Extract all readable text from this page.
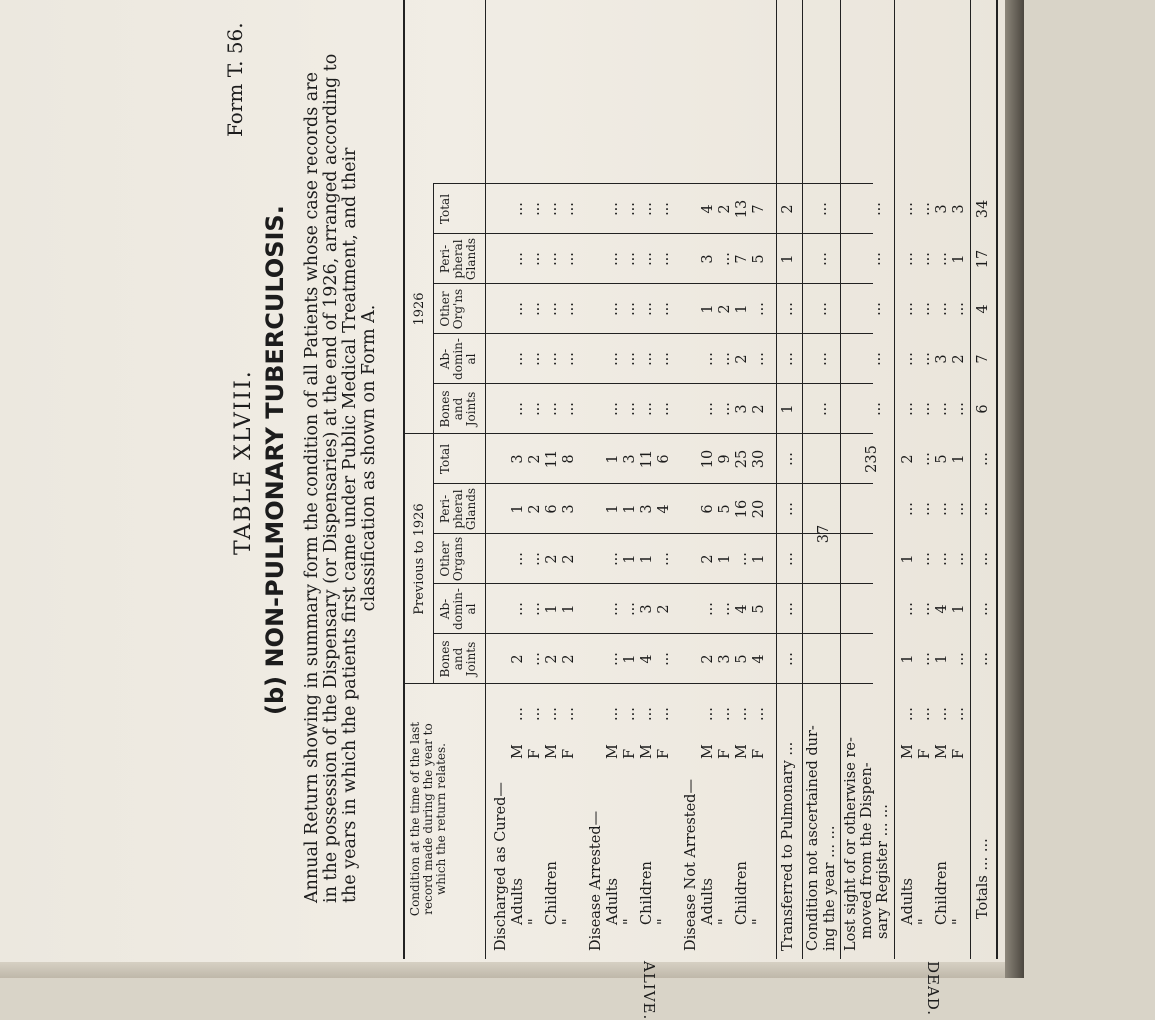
Form T. 56.
TABLE XLVIII. (b) NON-PULMONARY TUBERCULOSIS. Annual Return showing in summary form the condition of all Patients whose case records are in the possession of the Dispensary (or Dispensaries) at the end of 1926, arranged according to the years in which the patients first came under Public Medical Treatment, and their classification as shown on Form A.
Condition at the time of the last record made during the year to which the return relates.
Previous to 1926
1926
Bones and Joints
Bones and Joints
Ab-domin-al
Ab-domin-al
Other Organs
Other Org'ns
Peri-pheral Glands
Peri-pheral Glands
Total
Total
Discharged as Cured— Adults
M
...
2
...
...
...
...
...
1
...
3
...
"
F
...
...
...
...
...
...
...
2
...
2
...
Children
M
...
2
...
1
...
2
...
6
...
11
...
"
F
...
2
...
1
...
2
...
3
...
8
...
Disease Arrested— Adults
M
...
...
...
...
...
...
...
1
...
1
...
"
F
...
1
...
...
...
1
...
1
...
3
...
Children
M
...
4
...
3
...
1
...
3
...
11
...
"
F
...
...
...
2
...
...
...
4
...
6
...
Disease Not Arrested— Adults
M
...
2
...
...
...
2
1
6
3
10
4
"
F
...
3
...
...
...
1
2
5
...
9
2
Children
M
...
5
3
4
2
...
1
16
7
25
13
"
F
...
4
2
5
...
1
...
20
5
30
7
Transferred to Pulmonary ...
...
1
...
...
...
...
...
1
...
2
Condition not ascertained dur- ing the year ... ...
37
...
...
...
...
...
Lost sight of or otherwise re- moved from the Dispen- sary Register ... ...
235
...
...
...
...
...
Adults
M
...
1
...
...
...
1
...
...
...
2
...
"
F
...
...
...
...
...
...
...
...
...
...
...
Children
M
...
1
...
4
3
...
...
...
...
5
3
"
F
...
...
...
1
2
...
...
...
1
1
3
Totals ... ...
...
6
...
7
...
4
...
17
...
34
ALIVE.	DEAD.
